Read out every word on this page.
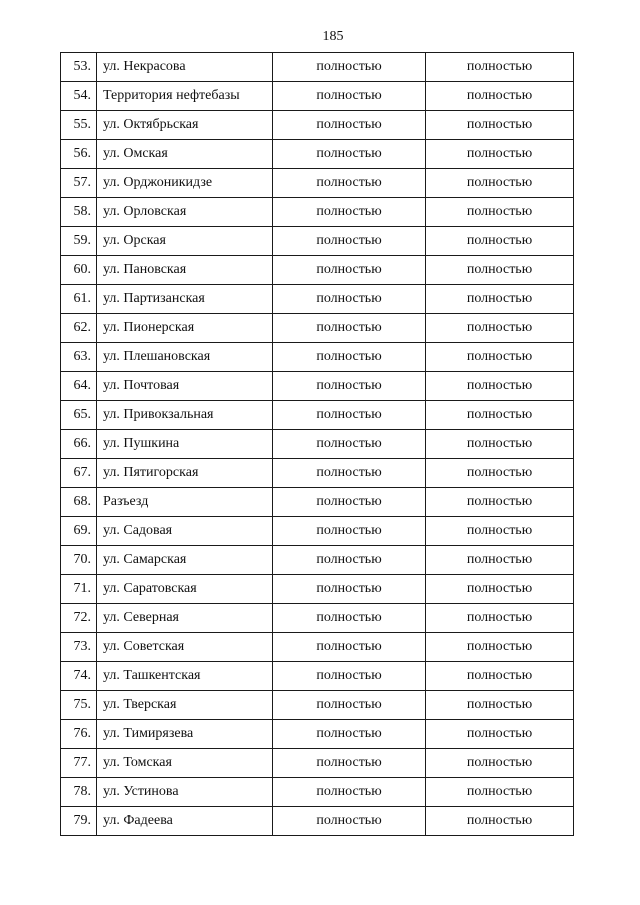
185
53.	ул. Некрасова	полностью	полностью
54.	Территория нефтебазы	полностью	полностью
55.	ул. Октябрьская	полностью	полностью
56.	ул. Омская	полностью	полностью
57.	ул. Орджоникидзе	полностью	полностью
58.	ул. Орловская	полностью	полностью
59.	ул. Орская	полностью	полностью
60.	ул. Пановская	полностью	полностью
61.	ул. Партизанская	полностью	полностью
62.	ул. Пионерская	полностью	полностью
63.	ул. Плешановская	полностью	полностью
64.	ул. Почтовая	полностью	полностью
65.	ул. Привокзальная	полностью	полностью
66.	ул. Пушкина	полностью	полностью
67.	ул. Пятигорская	полностью	полностью
68.	Разъезд	полностью	полностью
69.	ул. Садовая	полностью	полностью
70.	ул. Самарская	полностью	полностью
71.	ул. Саратовская	полностью	полностью
72.	ул. Северная	полностью	полностью
73.	ул. Советская	полностью	полностью
74.	ул. Ташкентская	полностью	полностью
75.	ул. Тверская	полностью	полностью
76.	ул. Тимирязева	полностью	полностью
77.	ул. Томская	полностью	полностью
78.	ул. Устинова	полностью	полностью
79.	ул. Фадеева	полностью	полностью
